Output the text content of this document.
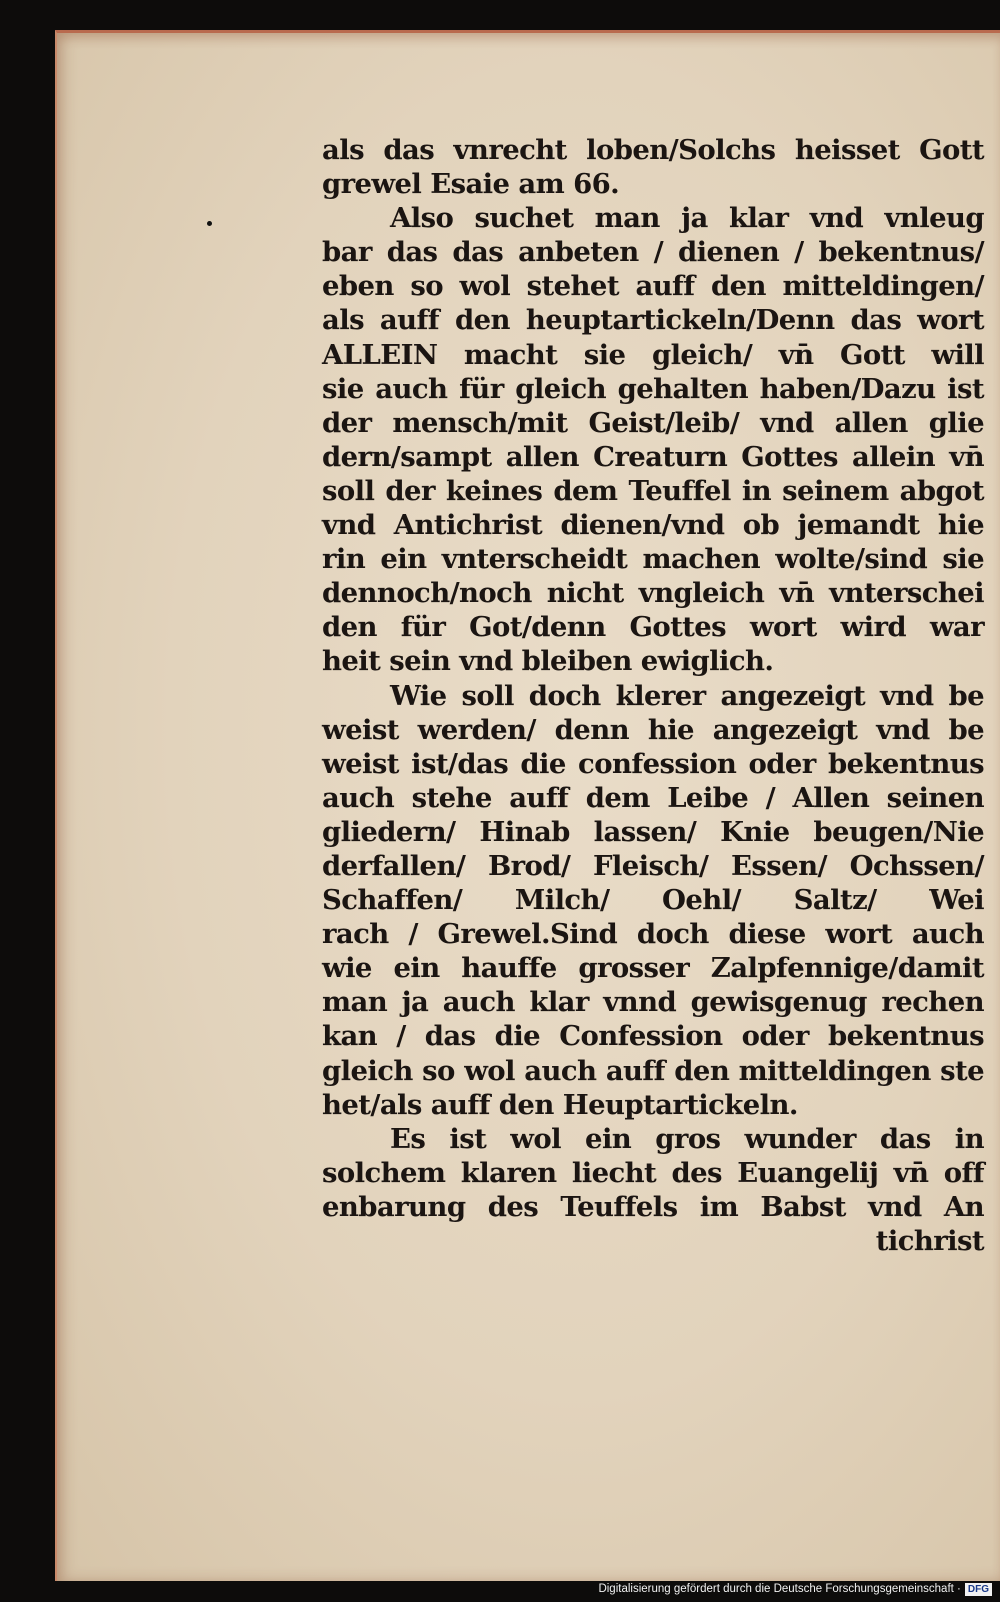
als das vnrecht loben/Solchs heisset Gott
grewel Esaie am 66.
Also suchet man ja klar vnd vnleug
bar das das anbeten / dienen / bekentnus/
eben so wol stehet auff den mitteldingen/
als auff den heuptartickeln/Denn das wort
ALLEIN macht sie gleich/ vn̄ Gott will
sie auch für gleich gehalten haben/Dazu ist
der mensch/mit Geist/leib/ vnd allen glie
dern/sampt allen Creaturn Gottes allein vn̄
soll der keines dem Teuffel in seinem abgot
vnd Antichrist dienen/vnd ob jemandt hie
rin ein vnterscheidt machen wolte/sind sie
dennoch/noch nicht vngleich vn̄ vnterschei
den für Got/denn Gottes wort wird war
heit sein vnd bleiben ewiglich.
Wie soll doch klerer angezeigt vnd be
weist werden/ denn hie angezeigt vnd be
weist ist/das die confession oder bekentnus
auch stehe auff dem Leibe / Allen seinen
gliedern/ Hinab lassen/ Knie beugen/Nie
derfallen/ Brod/ Fleisch/ Essen/ Ochssen/
Schaffen/ Milch/ Oehl/ Saltz/ Wei
rach / Grewel.Sind doch diese wort auch
wie ein hauffe grosser Zalpfennige/damit
man ja auch klar vnnd gewisgenug rechen
kan / das die Confession oder bekentnus
gleich so wol auch auff den mitteldingen ste
het/als auff den Heuptartickeln.
Es ist wol ein gros wunder das in
solchem klaren liecht des Euangelij vn̄ off
enbarung des Teuffels im Babst vnd An
tichrist
Digitalisierung gefördert durch die Deutsche Forschungsgemeinschaft · DFG
